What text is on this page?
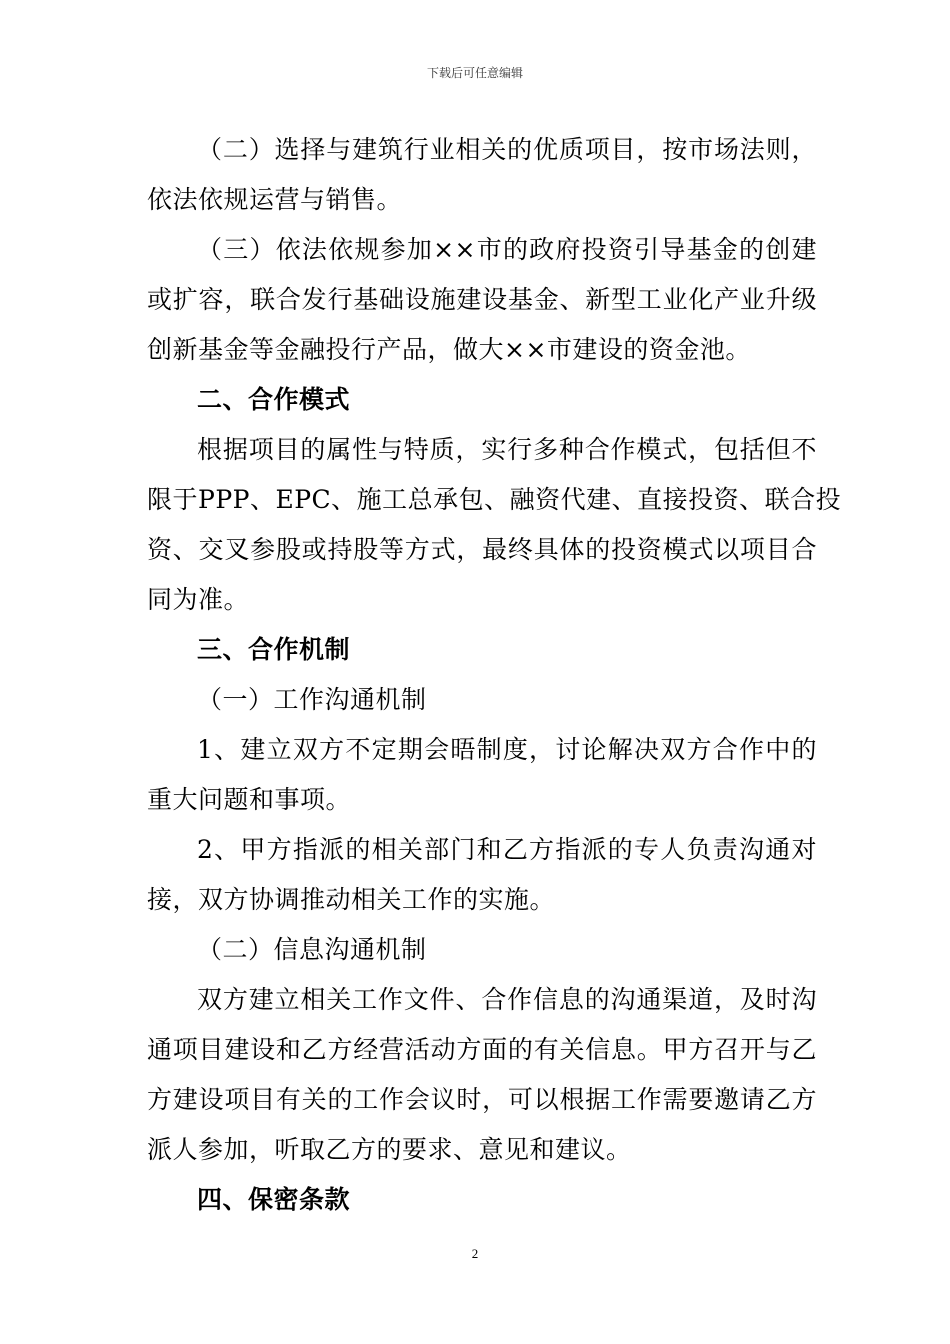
下载后可任意编辑
（二）选择与建筑行业相关的优质项目，按市场法则，
依法依规运营与销售。
（三）依法依规参加××市的政府投资引导基金的创建
或扩容，联合发行基础设施建设基金、新型工业化产业升级
创新基金等金融投行产品，做大××市建设的资金池。
二、合作模式
根据项目的属性与特质，实行多种合作模式，包括但不
限于PPP、EPC、施工总承包、融资代建、直接投资、联合投
资、交叉参股或持股等方式，最终具体的投资模式以项目合
同为准。
三、合作机制
（一）工作沟通机制
1、建立双方不定期会晤制度，讨论解决双方合作中的
重大问题和事项。
2、甲方指派的相关部门和乙方指派的专人负责沟通对
接，双方协调推动相关工作的实施。
（二）信息沟通机制
双方建立相关工作文件、合作信息的沟通渠道，及时沟
通项目建设和乙方经营活动方面的有关信息。甲方召开与乙
方建设项目有关的工作会议时，可以根据工作需要邀请乙方
派人参加，听取乙方的要求、意见和建议。
四、保密条款
2
